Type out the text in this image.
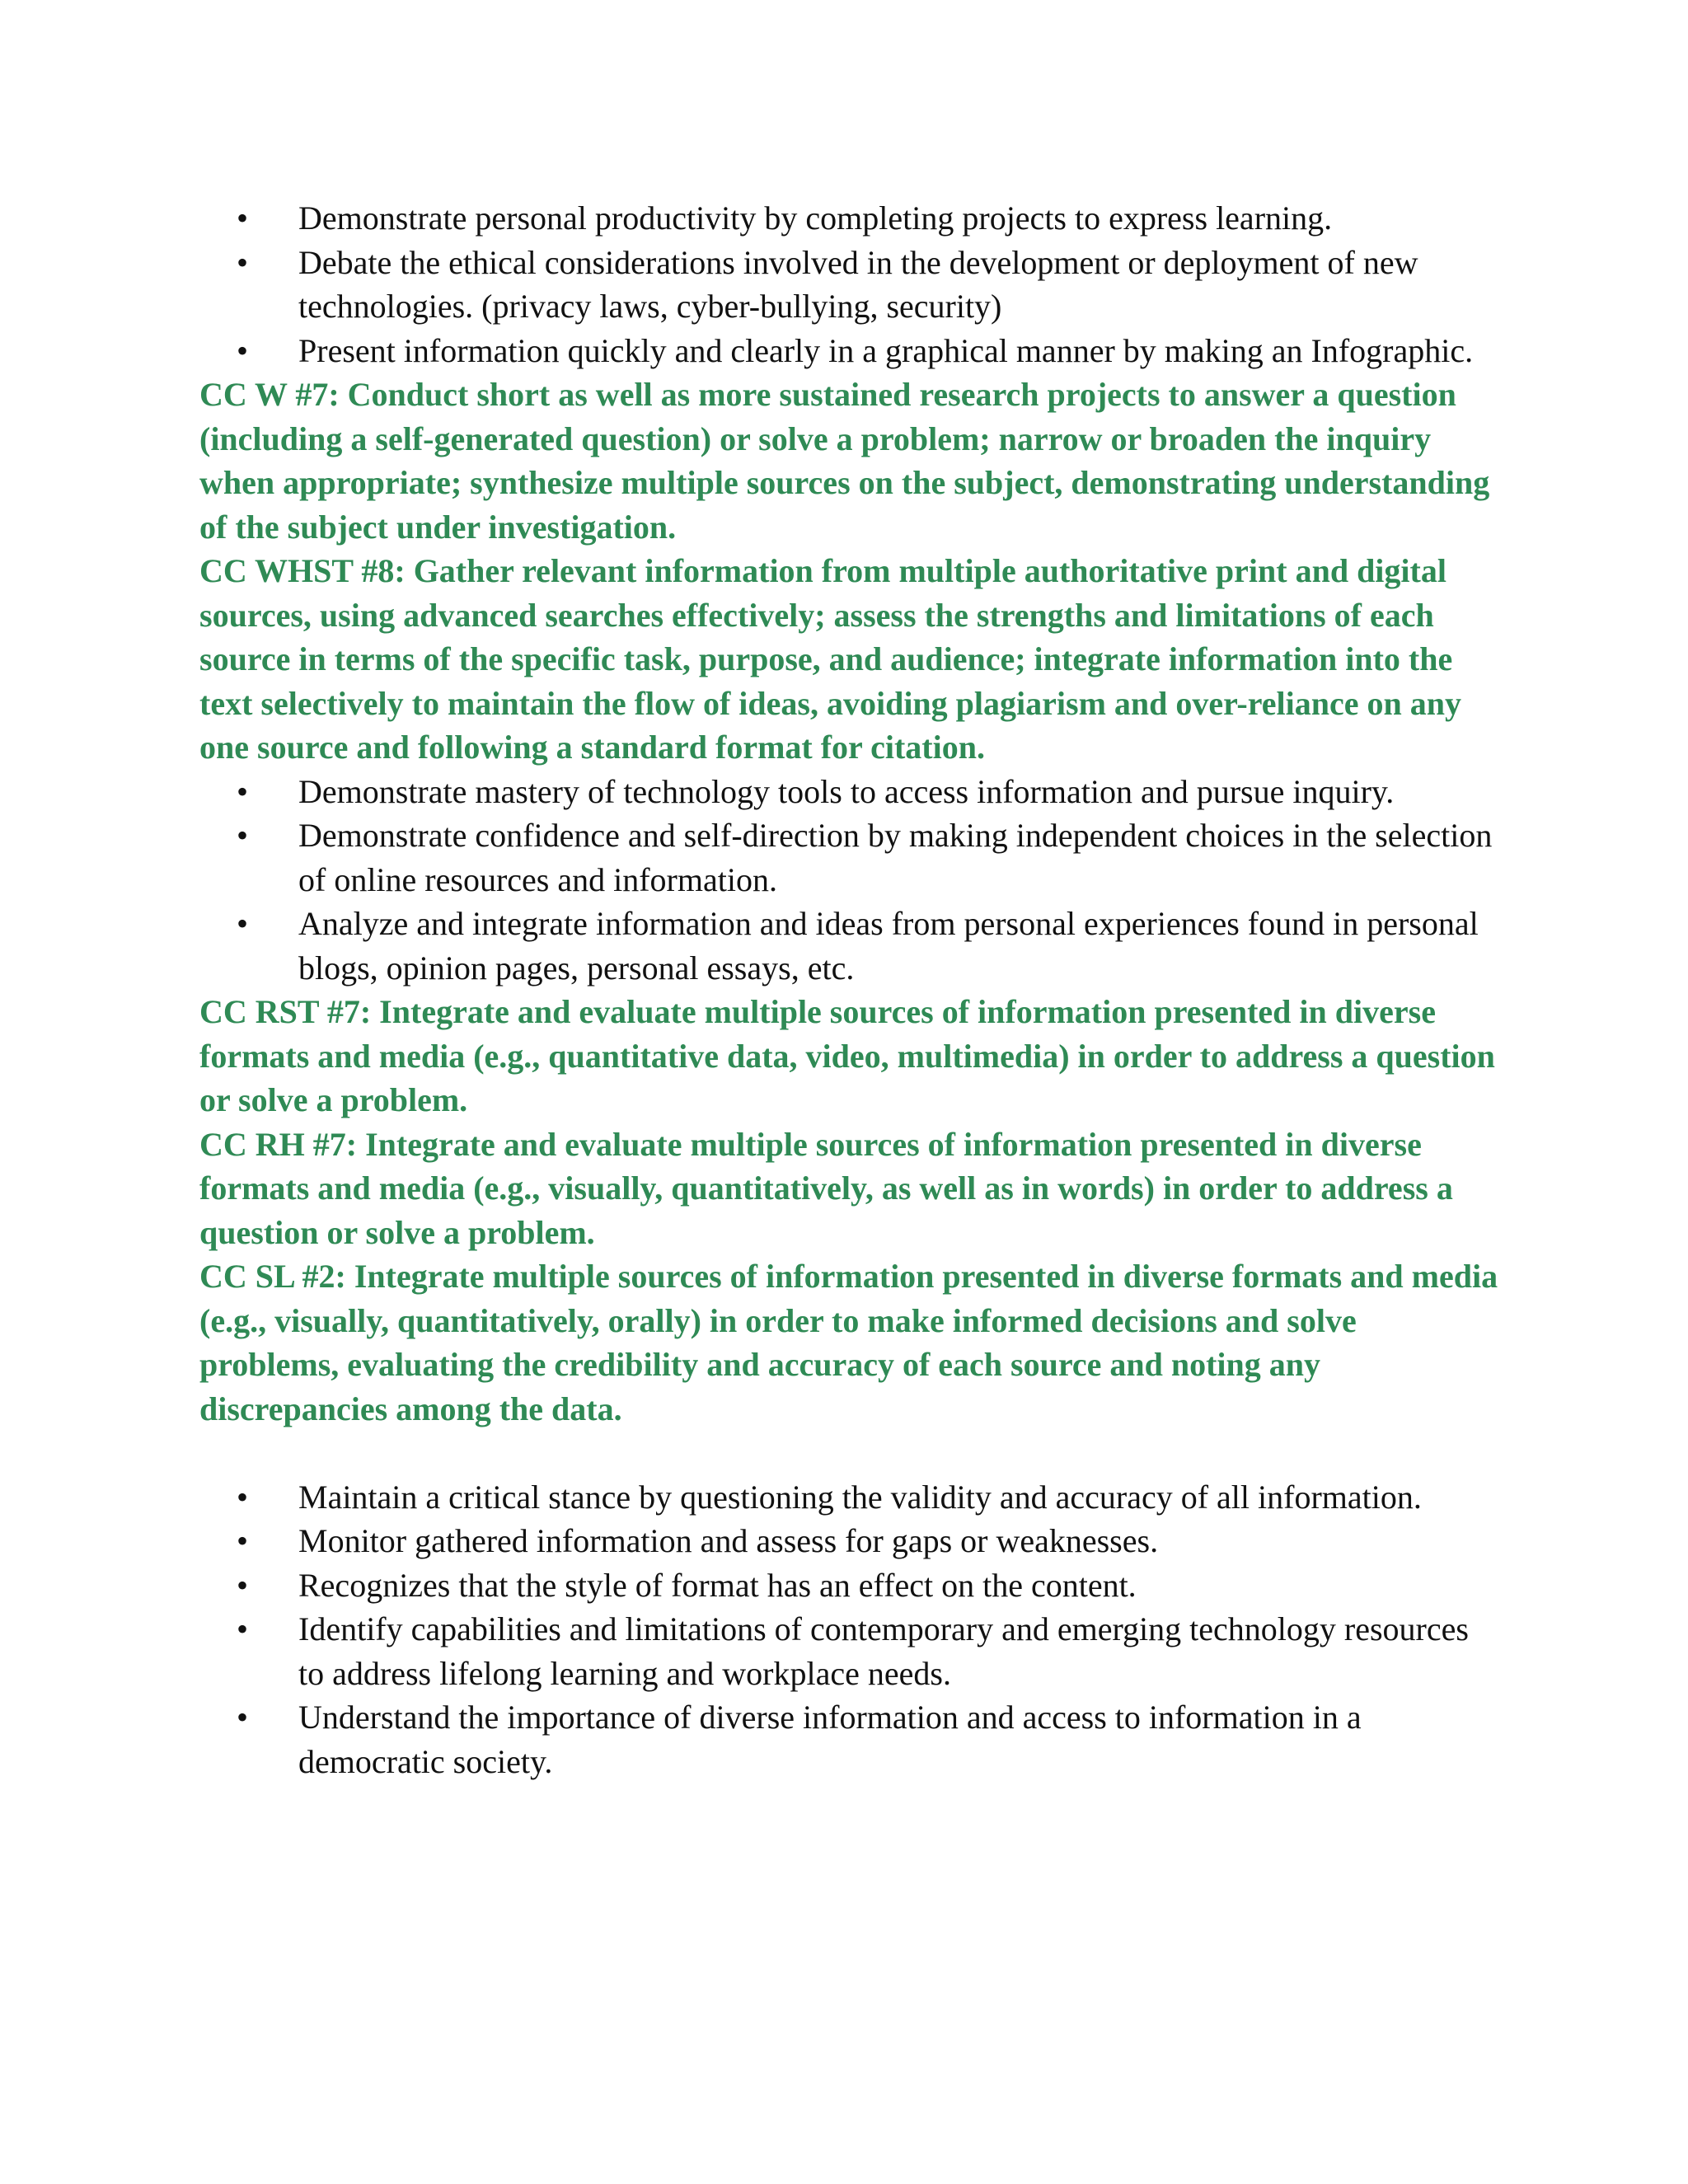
•	Demonstrate personal productivity by completing projects to express learning.
•	Debate the ethical considerations involved in the development or deployment of new technologies. (privacy laws, cyber-bullying, security)
•	Present information quickly and clearly in a graphical manner by making an Infographic.

CC W #7: Conduct short as well as more sustained research projects to answer a question (including a self-generated question) or solve a problem; narrow or broaden the inquiry when appropriate; synthesize multiple sources on the subject, demonstrating understanding of the subject under investigation.

CC WHST #8: Gather relevant information from multiple authoritative print and digital sources, using advanced searches effectively; assess the strengths and limitations of each source in terms of the specific task, purpose, and audience; integrate information into the text selectively to maintain the flow of ideas, avoiding plagiarism and over-reliance on any one source and following a standard format for citation.

•	Demonstrate mastery of technology tools to access information and pursue inquiry.
•	Demonstrate confidence and self-direction by making independent choices in the selection of online resources and information.
•	Analyze and integrate information and ideas from personal experiences found in personal blogs, opinion pages, personal essays, etc.

CC RST #7: Integrate and evaluate multiple sources of information presented in diverse formats and media (e.g., quantitative data, video, multimedia) in order to address a question or solve a problem.

CC RH #7: Integrate and evaluate multiple sources of information presented in diverse formats and media (e.g., visually, quantitatively, as well as in words) in order to address a question or solve a problem.

CC SL #2: Integrate multiple sources of information presented in diverse formats and media (e.g., visually, quantitatively, orally) in order to make informed decisions and solve problems, evaluating the credibility and accuracy of each source and noting any discrepancies among the data.

•	Maintain a critical stance by questioning the validity and accuracy of all information.
•	Monitor gathered information and assess for gaps or weaknesses.
•	Recognizes that the style of format has an effect on the content.
•	Identify capabilities and limitations of contemporary and emerging technology resources to address lifelong learning and workplace needs.
•	Understand the importance of diverse information and access to information in a democratic society.
